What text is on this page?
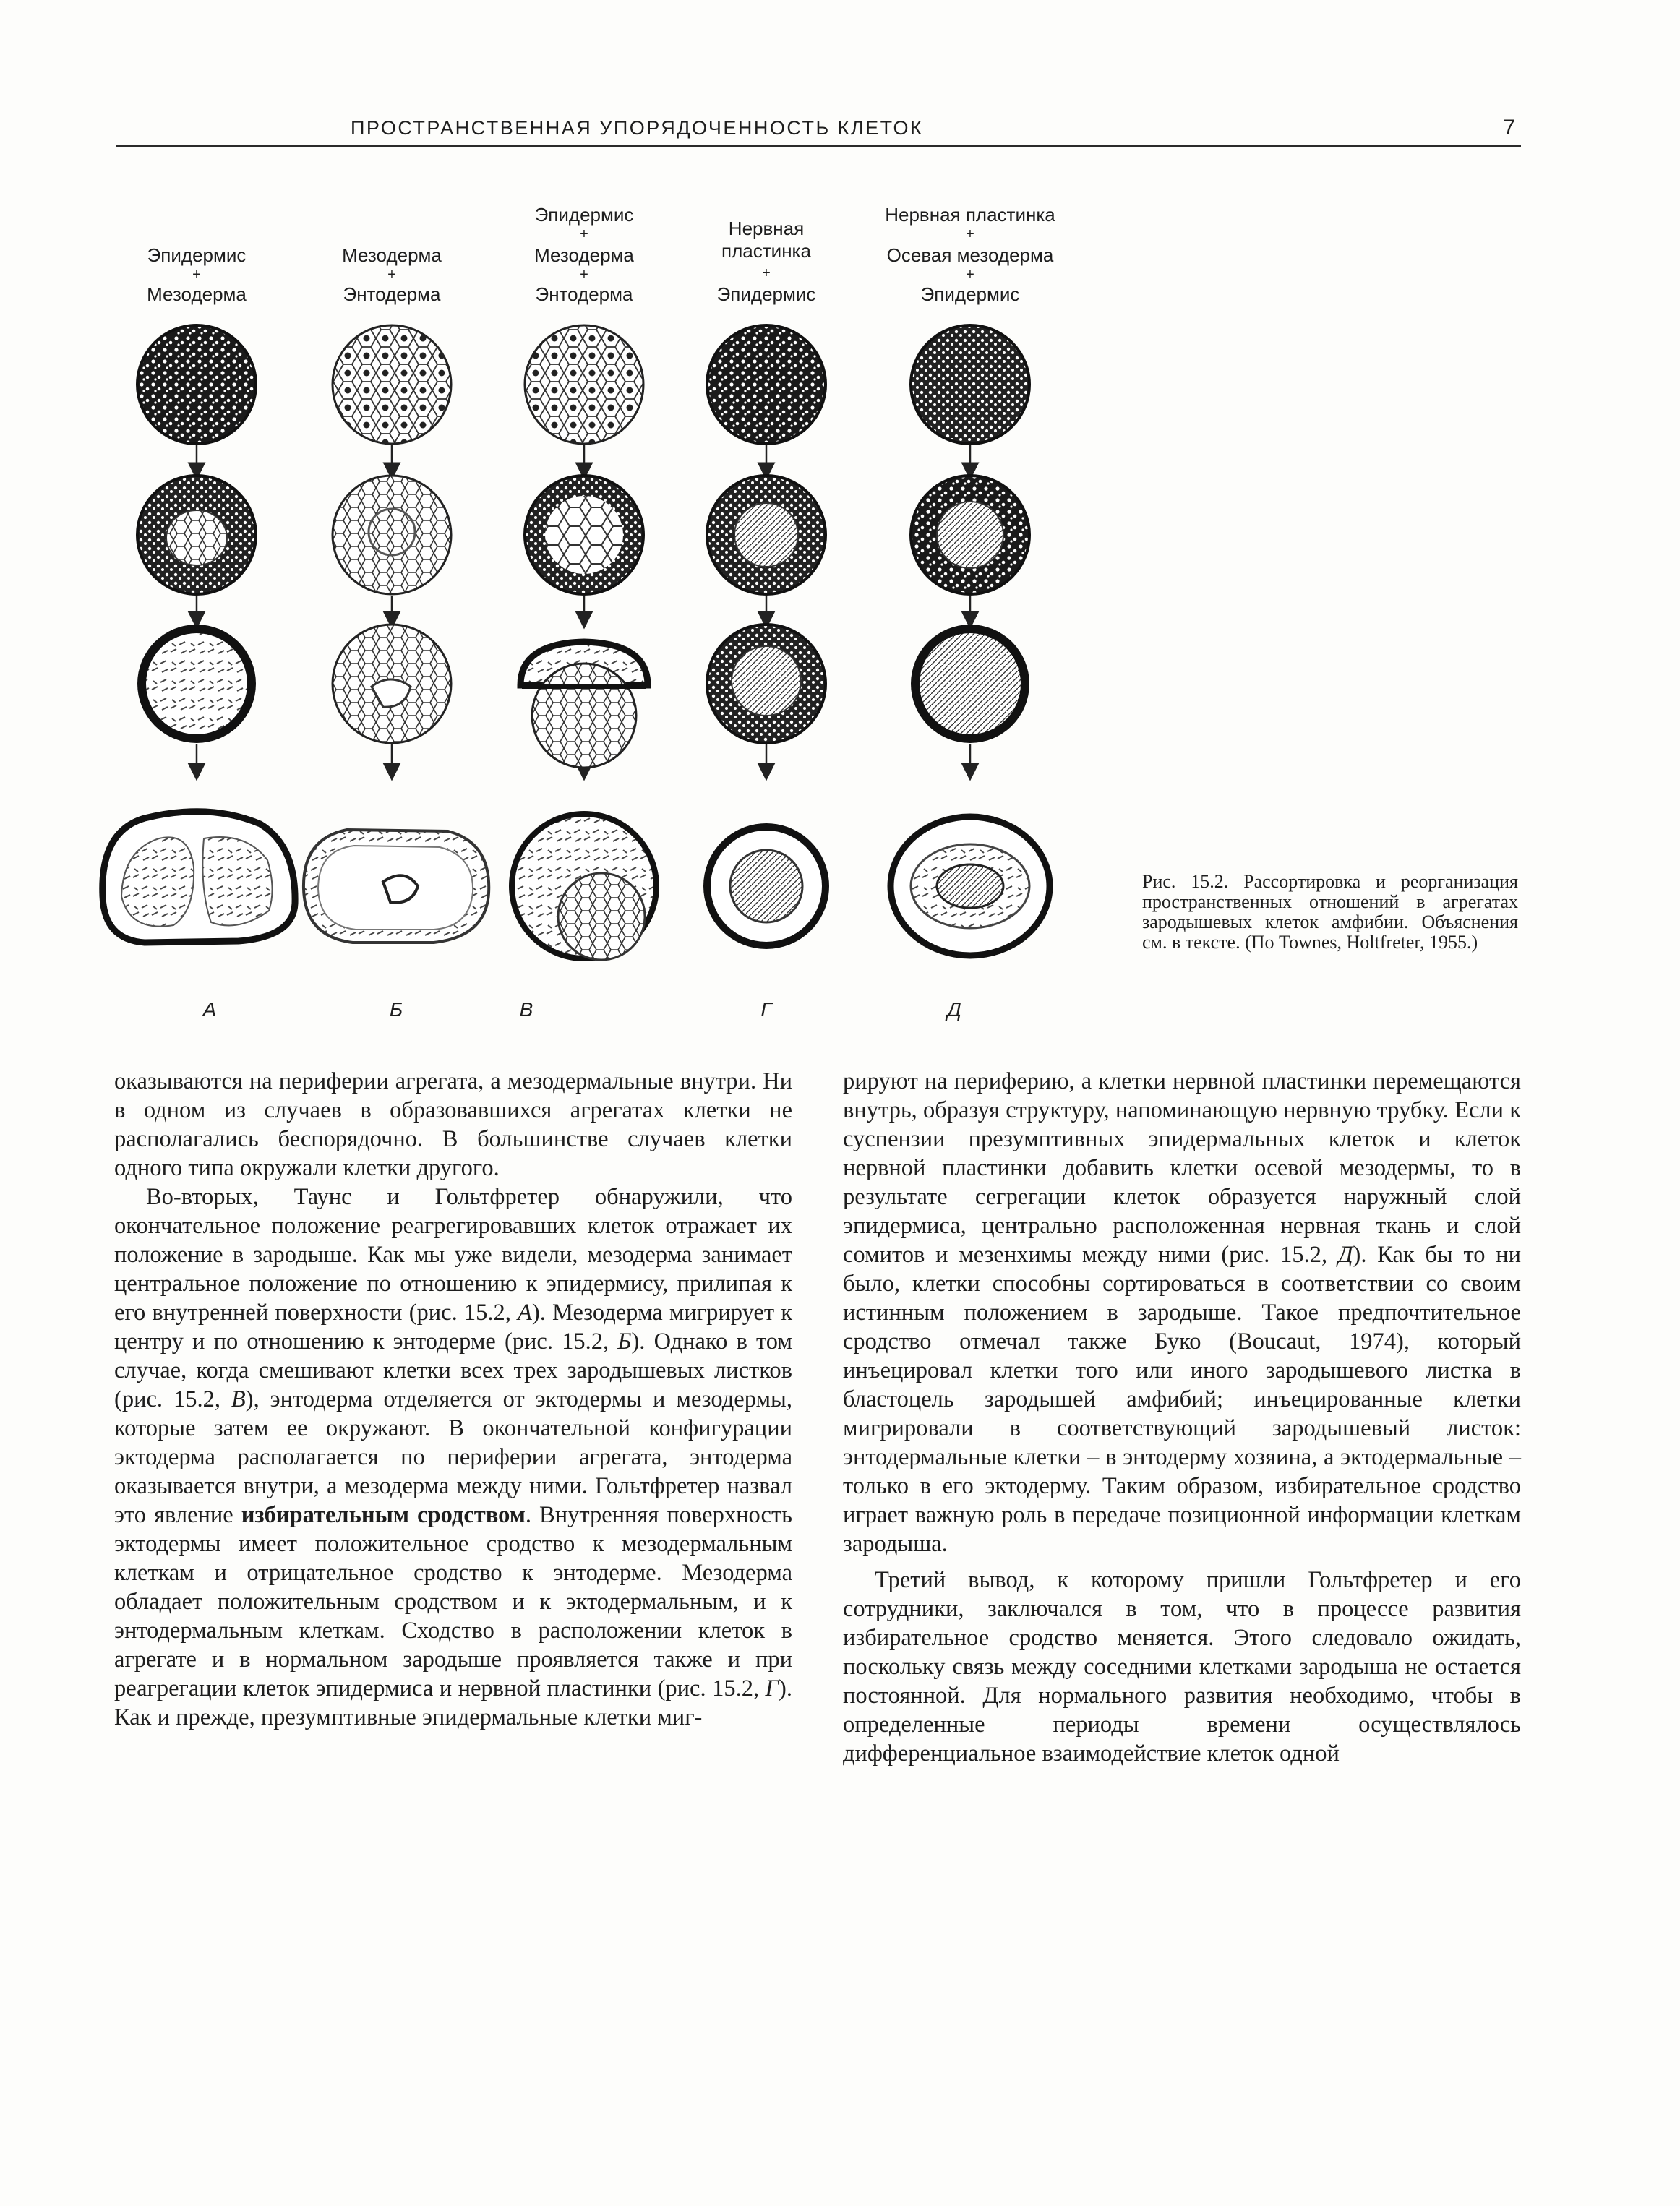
ПРОСТРАНСТВЕННАЯ УПОРЯДОЧЕННОСТЬ КЛЕТОК	7
Эпидермис
+
Мезодерма
Мезодерма
+
Энтодерма
Эпидермис
+
Мезодерма
+
Энтодерма
Нервная
пластинка
+
Эпидермис
Нервная пластинка
+
Осевая мезодерма
+
Эпидермис
А	Б	В	Г	Д
Рис. 15.2. Рассортировка и реорганизация пространственных отношений в агрегатах зародышевых клеток амфибии. Объяснения см. в тексте. (По Townes, Holtfreter, 1955.)

оказываются на периферии агрегата, а мезодермальные внутри. Ни в одном из случаев в образовавшихся агрегатах клетки не располагались беспорядочно. В большинстве случаев клетки одного типа окружали клетки другого.

Во-вторых, Таунс и Гольтфретер обнаружили, что окончательное положение реагрегировавших клеток отражает их положение в зародыше. Как мы уже видели, мезодерма занимает центральное положение по отношению к эпидермису, прилипая к его внутренней поверхности (рис. 15.2, А). Мезодерма мигрирует к центру и по отношению к энтодерме (рис. 15.2, Б). Однако в том случае, когда смешивают клетки всех трех зародышевых листков (рис. 15.2, В), энтодерма отделяется от эктодермы и мезодермы, которые затем ее окружают. В окончательной конфигурации эктодерма располагается по периферии агрегата, энтодерма оказывается внутри, а мезодерма между ними. Гольтфретер назвал это явление избирательным сродством. Внутренняя поверхность эктодермы имеет положительное сродство к мезодермальным клеткам и отрицательное сродство к энтодерме. Мезодерма обладает положительным сродством и к эктодермальным, и к энтодермальным клеткам. Сходство в расположении клеток в агрегате и в нормальном зародыше проявляется также и при реагрегации клеток эпидермиса и нервной пластинки (рис. 15.2, Г). Как и прежде, презумптивные эпидермальные клетки миг-

рируют на периферию, а клетки нервной пластинки перемещаются внутрь, образуя структуру, напоминающую нервную трубку. Если к суспензии презумптивных эпидермальных клеток и клеток нервной пластинки добавить клетки осевой мезодермы, то в результате сегрегации клеток образуется наружный слой эпидермиса, центрально расположенная нервная ткань и слой сомитов и мезенхимы между ними (рис. 15.2, Д). Как бы то ни было, клетки способны сортироваться в соответствии со своим истинным положением в зародыше. Такое предпочтительное сродство отмечал также Буко (Boucaut, 1974), который инъецировал клетки того или иного зародышевого листка в бластоцель зародышей амфибий; инъецированные клетки мигрировали в соответствующий зародышевый листок: энтодермальные клетки – в энтодерму хозяина, а эктодермальные – только в его эктодерму. Таким образом, избирательное сродство играет важную роль в передаче позиционной информации клеткам зародыша.

Третий вывод, к которому пришли Гольтфретер и его сотрудники, заключался в том, что в процессе развития избирательное сродство меняется. Этого следовало ожидать, поскольку связь между соседними клетками зародыша не остается постоянной. Для нормального развития необходимо, чтобы в определенные периоды времени осуществлялось дифференциальное взаимодействие клеток одной
